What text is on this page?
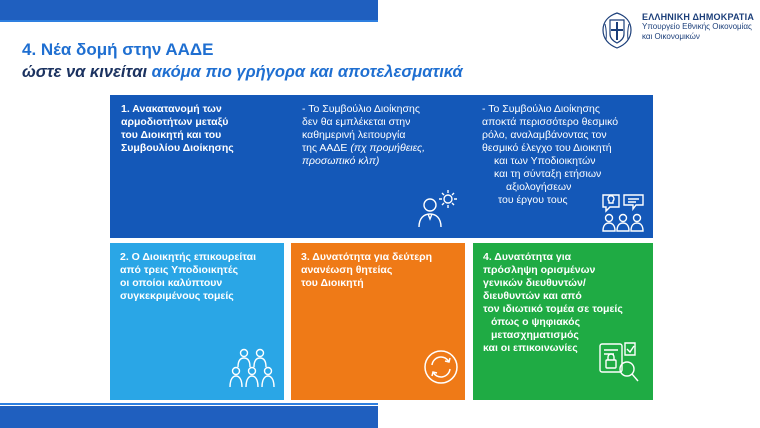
ΕΛΛΗΝΙΚΗ ΔΗΜΟΚΡΑΤΙΑ
Υπουργείο Εθνικής Οικονομίας
και Οικονομικών
4. Νέα δομή στην ΑΑΔΕ
ώστε να κινείται ακόμα πιο γρήγορα και αποτελεσματικά
1. Ανακατανομή των
αρμοδιοτήτων μεταξύ
του Διοικητή και του
Συμβουλίου Διοίκησης
- Το Συμβούλιο Διοίκησης
δεν θα εμπλέκεται στην
καθημερινή λειτουργία
της ΑΑΔΕ (πχ προμήθειες,
προσωπικό κλπ)
- Το Συμβούλιο Διοίκησης
αποκτά περισσότερο θεσμικό
ρόλο, αναλαμβάνοντας τον
θεσμικό έλεγχο του Διοικητή
και των Υποδιοικητών
και τη σύνταξη ετήσιων
αξιολογήσεων
του έργου τους
2. Ο Διοικητής επικουρείται
από τρεις Υποδιοικητές
οι οποίοι καλύπτουν
συγκεκριμένους τομείς
3. Δυνατότητα για δεύτερη
ανανέωση θητείας
του Διοικητή
4. Δυνατότητα για
πρόσληψη ορισμένων
γενικών διευθυντών/
διευθυντών και από
τον ιδιωτικό τομέα σε τομείς
όπως ο ψηφιακός
μετασχηματισμός
και οι επικοινωνίες
